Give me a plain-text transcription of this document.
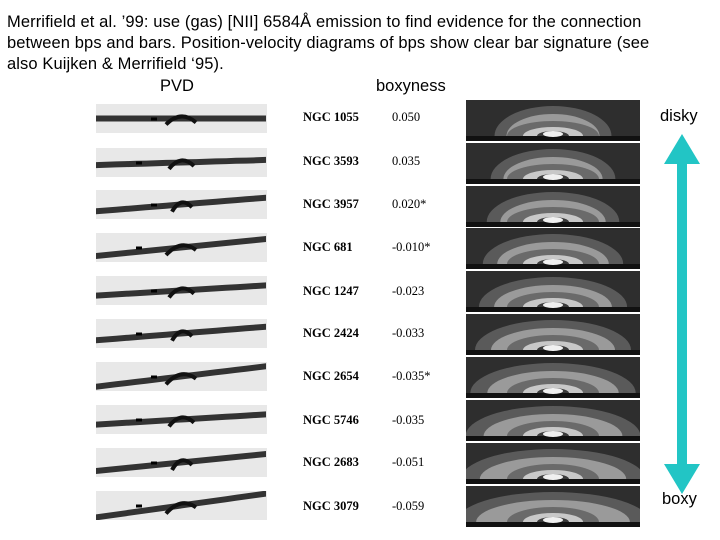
Merrifield et al. ’99: use (gas) [NII] 6584Å emission to find evidence for the connection
between bps and bars. Position-velocity diagrams of bps show clear bar signature (see
also Kuijken & Merrifield ‘95).
PVD	boxyness
NGC 1055	0.050
NGC 3593	0.035
NGC 3957	0.020*
NGC 681	-0.010*
NGC 1247	-0.023
NGC 2424	-0.033
NGC 2654	-0.035*
NGC 5746	-0.035
NGC 2683	-0.051
NGC 3079	-0.059
disky
boxy
